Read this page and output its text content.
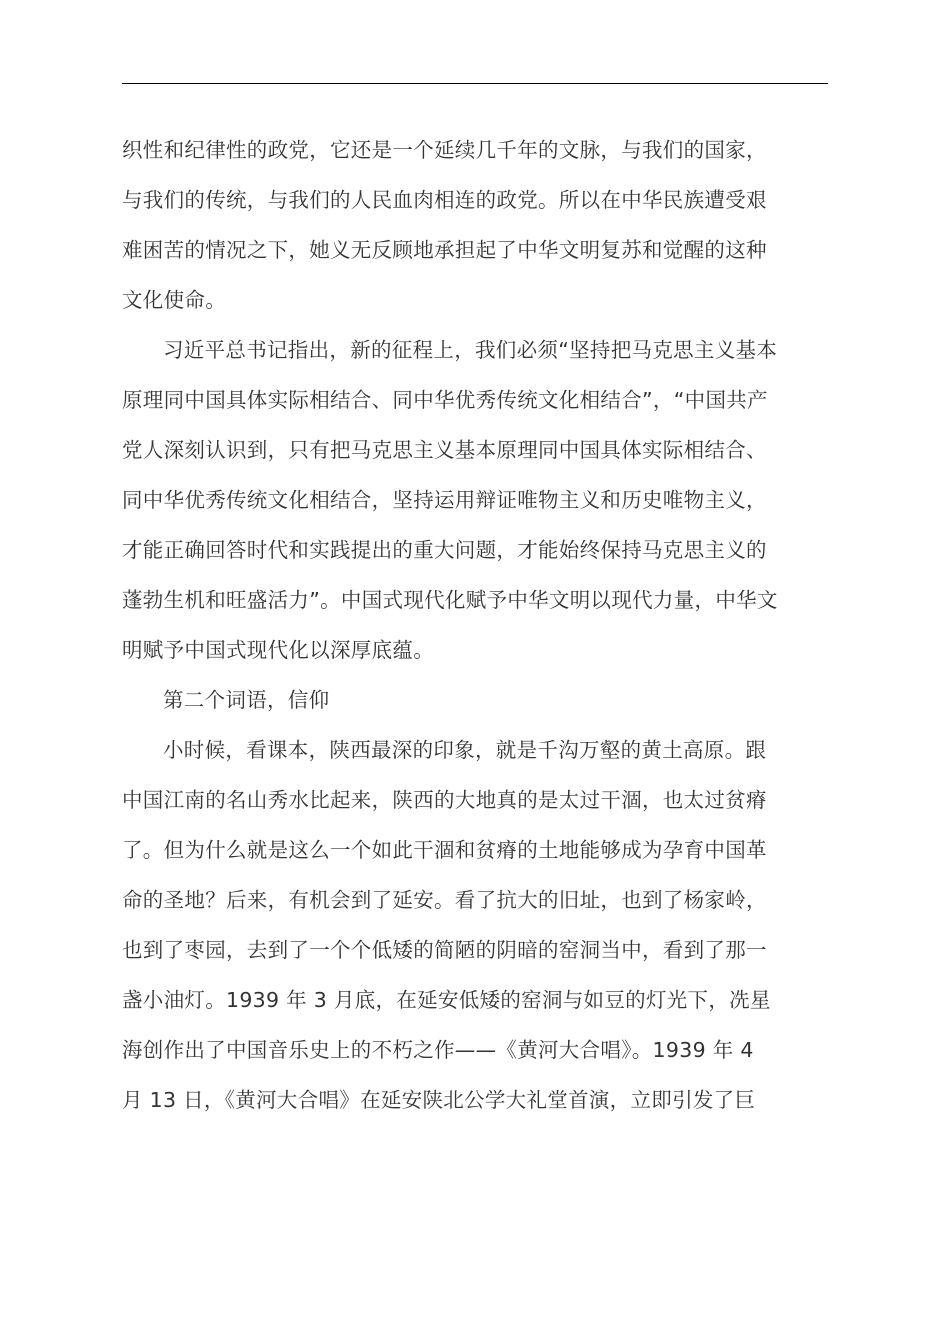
织性和纪律性的政党，它还是一个延续几千年的文脉，与我们的国家，
与我们的传统，与我们的人民血肉相连的政党。所以在中华民族遭受艰
难困苦的情况之下，她义无反顾地承担起了中华文明复苏和觉醒的这种
文化使命。
习近平总书记指出，新的征程上，我们必须“坚持把马克思主义基本
原理同中国具体实际相结合、同中华优秀传统文化相结合”，“中国共产
党人深刻认识到，只有把马克思主义基本原理同中国具体实际相结合、
同中华优秀传统文化相结合，坚持运用辩证唯物主义和历史唯物主义，
才能正确回答时代和实践提出的重大问题，才能始终保持马克思主义的
蓬勃生机和旺盛活力”。中国式现代化赋予中华文明以现代力量，中华文
明赋予中国式现代化以深厚底蕴。
第二个词语，信仰
小时候，看课本，陕西最深的印象，就是千沟万壑的黄土高原。跟
中国江南的名山秀水比起来，陕西的大地真的是太过干涸，也太过贫瘠
了。但为什么就是这么一个如此干涸和贫瘠的土地能够成为孕育中国革
命的圣地？后来，有机会到了延安。看了抗大的旧址，也到了杨家岭，
也到了枣园，去到了一个个低矮的简陋的阴暗的窑洞当中，看到了那一
盏小油灯。1939 年 3 月底，在延安低矮的窑洞与如豆的灯光下，冼星
海创作出了中国音乐史上的不朽之作——《黄河大合唱》。1939 年 4
月 13 日，《黄河大合唱》在延安陕北公学大礼堂首演，立即引发了巨
